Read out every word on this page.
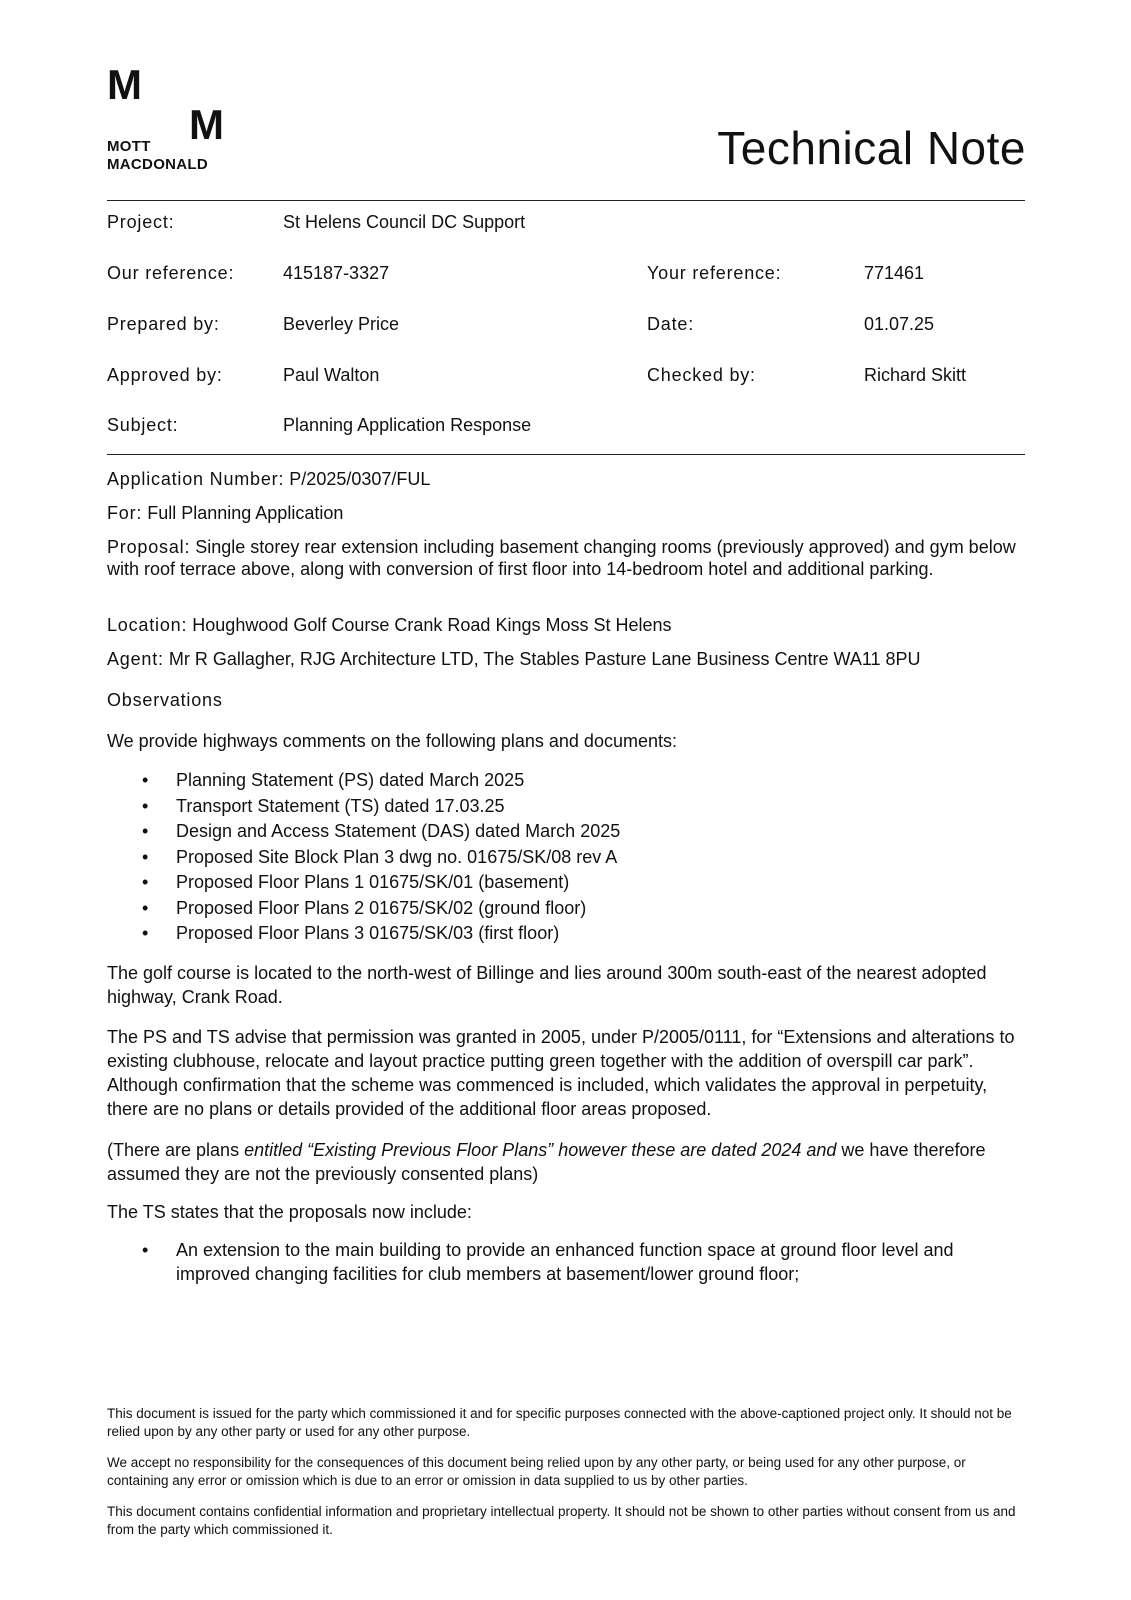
M
M
MOTT
MACDONALD	Technical Note
Project:	St Helens Council DC Support
Our reference:	415187-3327	Your reference:	771461
Prepared by:	Beverley Price	Date:	01.07.25
Approved by:	Paul Walton	Checked by:	Richard Skitt
Subject:	Planning Application Response
Application Number: P/2025/0307/FUL
For: Full Planning Application
Proposal: Single storey rear extension including basement changing rooms (previously approved) and gym below with roof terrace above, along with conversion of first floor into 14-bedroom hotel and additional parking.
Location: Houghwood Golf Course Crank Road Kings Moss St Helens
Agent: Mr R Gallagher, RJG Architecture LTD, The Stables Pasture Lane Business Centre WA11 8PU
Observations
We provide highways comments on the following plans and documents:
• Planning Statement (PS) dated March 2025
• Transport Statement (TS) dated 17.03.25
• Design and Access Statement (DAS) dated March 2025
• Proposed Site Block Plan 3 dwg no. 01675/SK/08 rev A
• Proposed Floor Plans 1 01675/SK/01 (basement)
• Proposed Floor Plans 2 01675/SK/02 (ground floor)
• Proposed Floor Plans 3 01675/SK/03 (first floor)
The golf course is located to the north-west of Billinge and lies around 300m south-east of the nearest adopted highway, Crank Road.
The PS and TS advise that permission was granted in 2005, under P/2005/0111, for “Extensions and alterations to existing clubhouse, relocate and layout practice putting green together with the addition of overspill car park”. Although confirmation that the scheme was commenced is included, which validates the approval in perpetuity, there are no plans or details provided of the additional floor areas proposed.
(There are plans entitled “Existing Previous Floor Plans” however these are dated 2024 and we have therefore assumed they are not the previously consented plans)
The TS states that the proposals now include:
• An extension to the main building to provide an enhanced function space at ground floor level and improved changing facilities for club members at basement/lower ground floor;
This document is issued for the party which commissioned it and for specific purposes connected with the above-captioned project only. It should not be relied upon by any other party or used for any other purpose.
We accept no responsibility for the consequences of this document being relied upon by any other party, or being used for any other purpose, or containing any error or omission which is due to an error or omission in data supplied to us by other parties.
This document contains confidential information and proprietary intellectual property. It should not be shown to other parties without consent from us and from the party which commissioned it.
